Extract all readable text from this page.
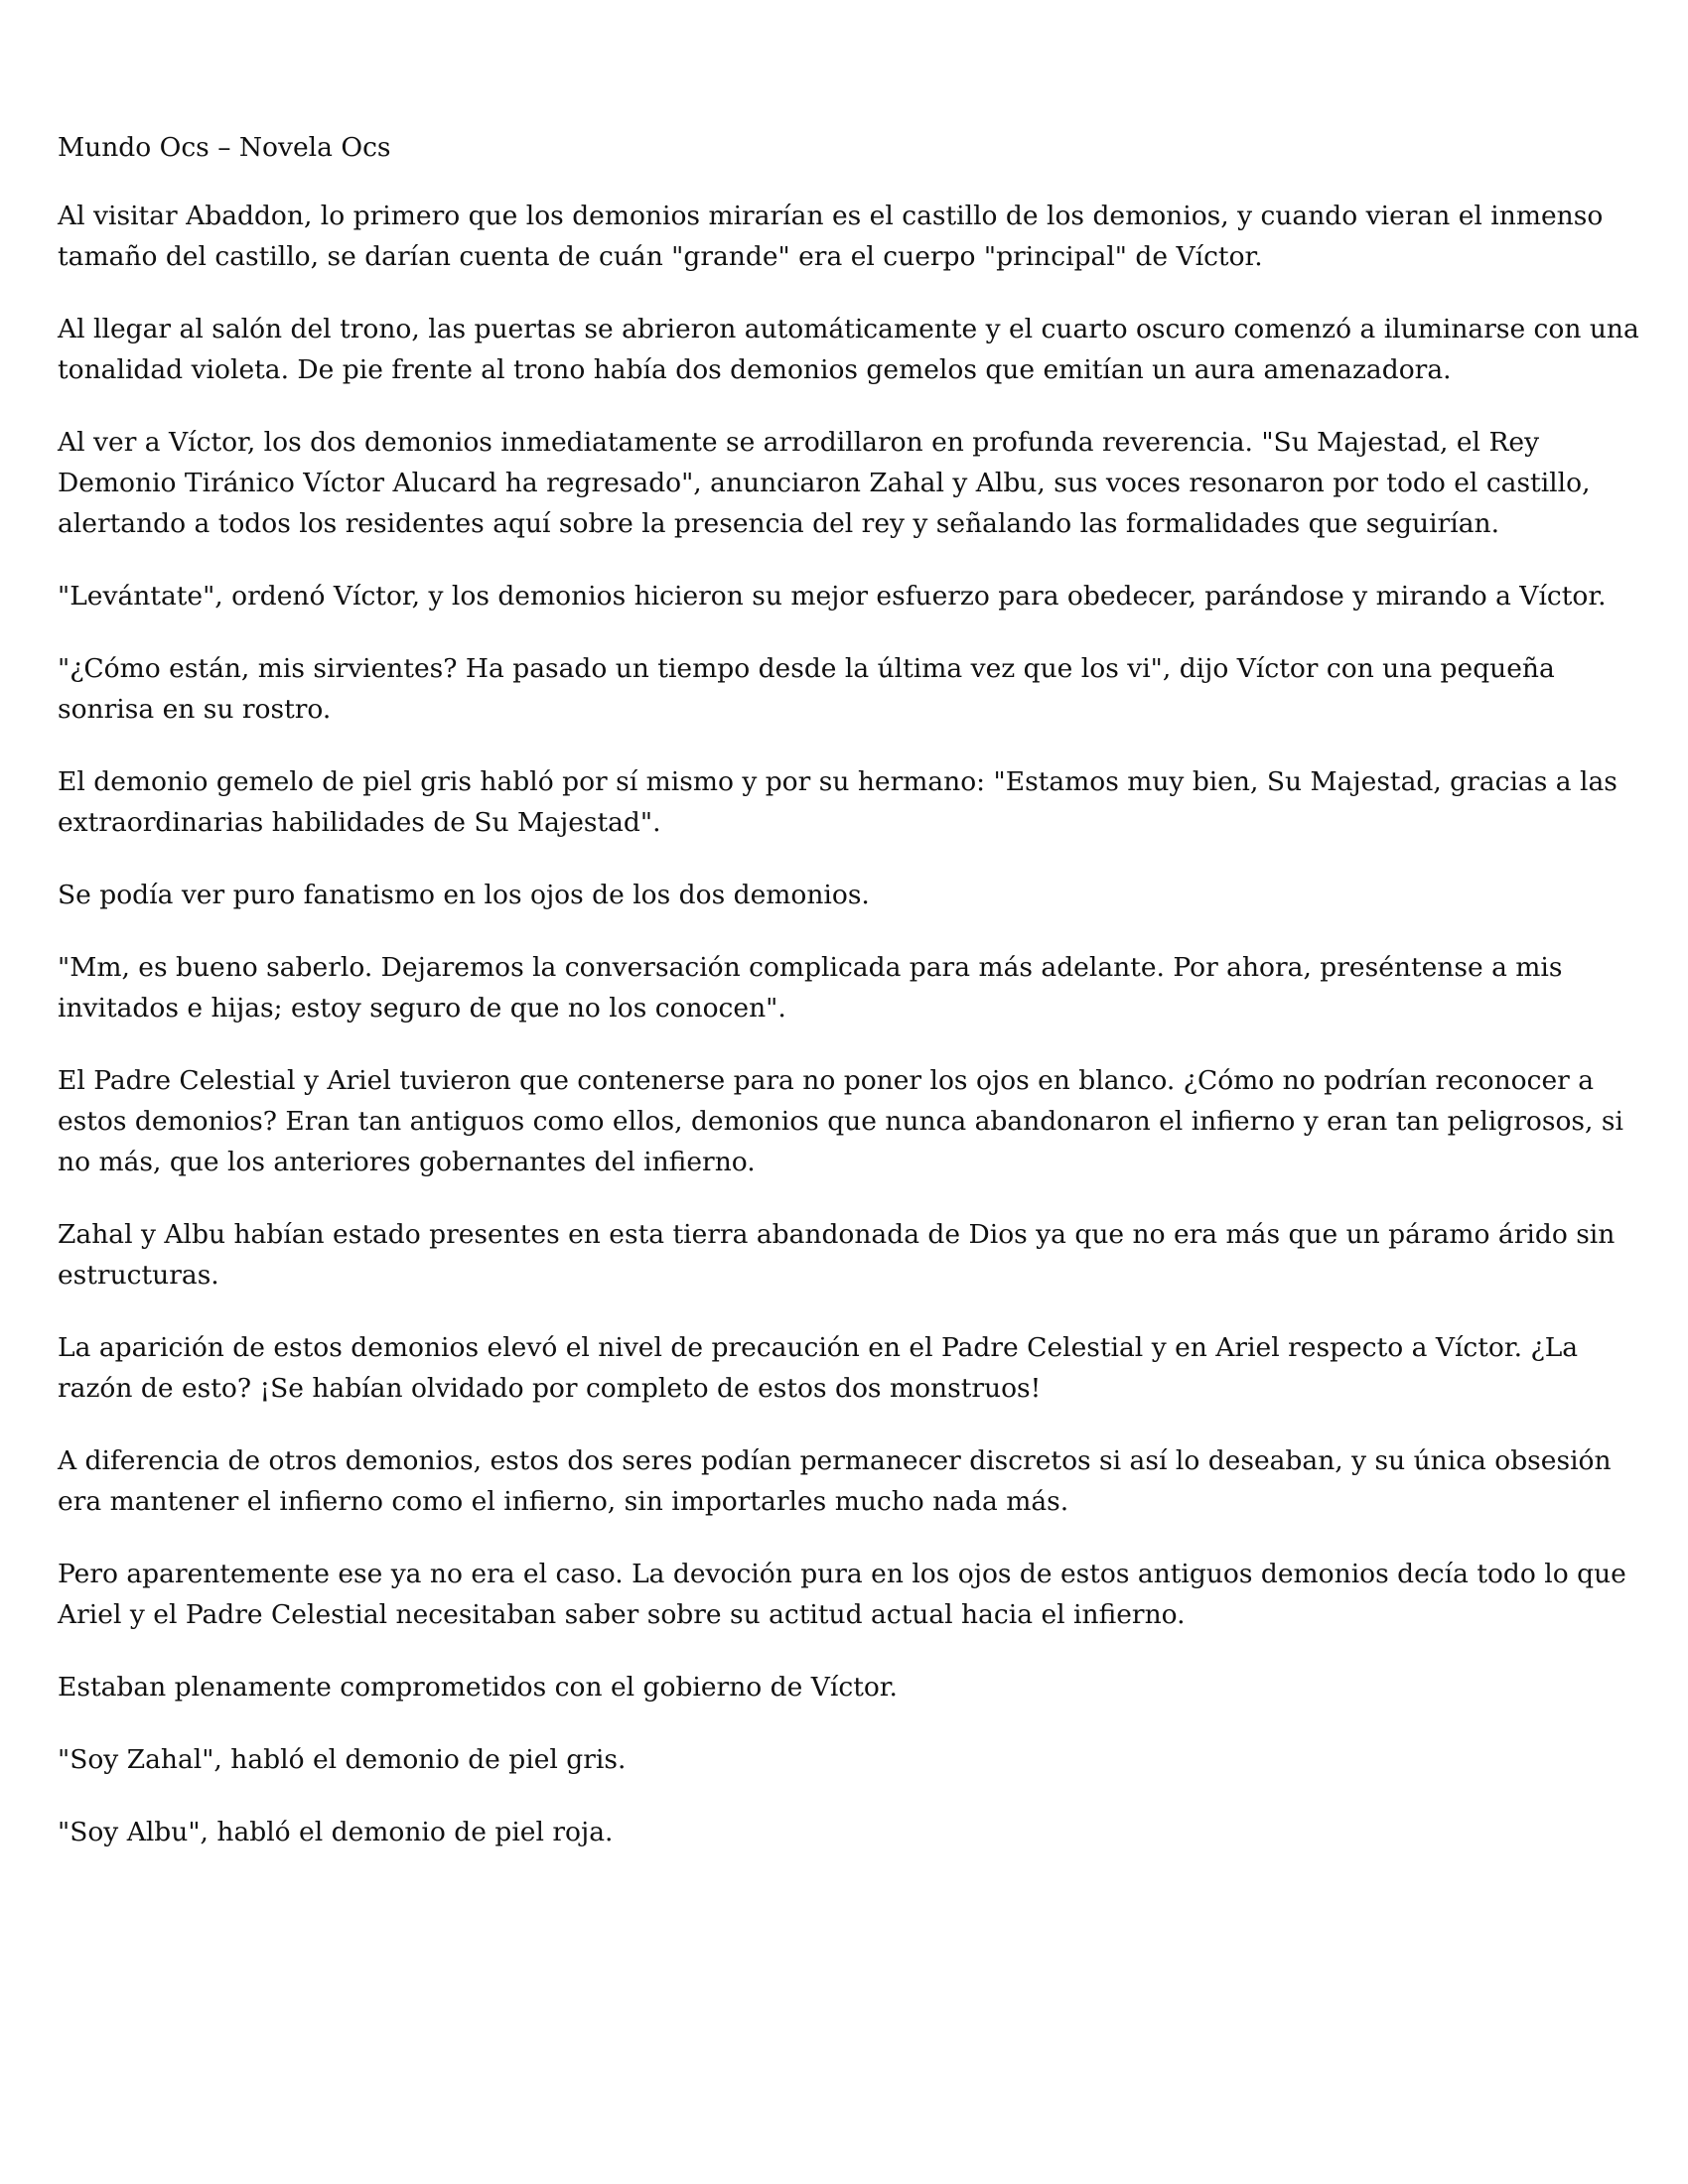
Mundo Ocs – Novela Ocs

Al visitar Abaddon, lo primero que los demonios mirarían es el castillo de los demonios, y cuando vieran el inmenso tamaño del castillo, se darían cuenta de cuán "grande" era el cuerpo "principal" de Víctor.

Al llegar al salón del trono, las puertas se abrieron automáticamente y el cuarto oscuro comenzó a iluminarse con una tonalidad violeta. De pie frente al trono había dos demonios gemelos que emitían un aura amenazadora.

Al ver a Víctor, los dos demonios inmediatamente se arrodillaron en profunda reverencia. "Su Majestad, el Rey Demonio Tiránico Víctor Alucard ha regresado", anunciaron Zahal y Albu, sus voces resonaron por todo el castillo, alertando a todos los residentes aquí sobre la presencia del rey y señalando las formalidades que seguirían.

"Levántate", ordenó Víctor, y los demonios hicieron su mejor esfuerzo para obedecer, parándose y mirando a Víctor.

"¿Cómo están, mis sirvientes? Ha pasado un tiempo desde la última vez que los vi", dijo Víctor con una pequeña sonrisa en su rostro.

El demonio gemelo de piel gris habló por sí mismo y por su hermano: "Estamos muy bien, Su Majestad, gracias a las extraordinarias habilidades de Su Majestad".

Se podía ver puro fanatismo en los ojos de los dos demonios.

"Mm, es bueno saberlo. Dejaremos la conversación complicada para más adelante. Por ahora, preséntense a mis invitados e hijas; estoy seguro de que no los conocen".

El Padre Celestial y Ariel tuvieron que contenerse para no poner los ojos en blanco. ¿Cómo no podrían reconocer a estos demonios? Eran tan antiguos como ellos, demonios que nunca abandonaron el infierno y eran tan peligrosos, si no más, que los anteriores gobernantes del infierno.

Zahal y Albu habían estado presentes en esta tierra abandonada de Dios ya que no era más que un páramo árido sin estructuras.

La aparición de estos demonios elevó el nivel de precaución en el Padre Celestial y en Ariel respecto a Víctor. ¿La razón de esto? ¡Se habían olvidado por completo de estos dos monstruos!

A diferencia de otros demonios, estos dos seres podían permanecer discretos si así lo deseaban, y su única obsesión era mantener el infierno como el infierno, sin importarles mucho nada más.

Pero aparentemente ese ya no era el caso. La devoción pura en los ojos de estos antiguos demonios decía todo lo que Ariel y el Padre Celestial necesitaban saber sobre su actitud actual hacia el infierno.

Estaban plenamente comprometidos con el gobierno de Víctor.

"Soy Zahal", habló el demonio de piel gris.

"Soy Albu", habló el demonio de piel roja.
